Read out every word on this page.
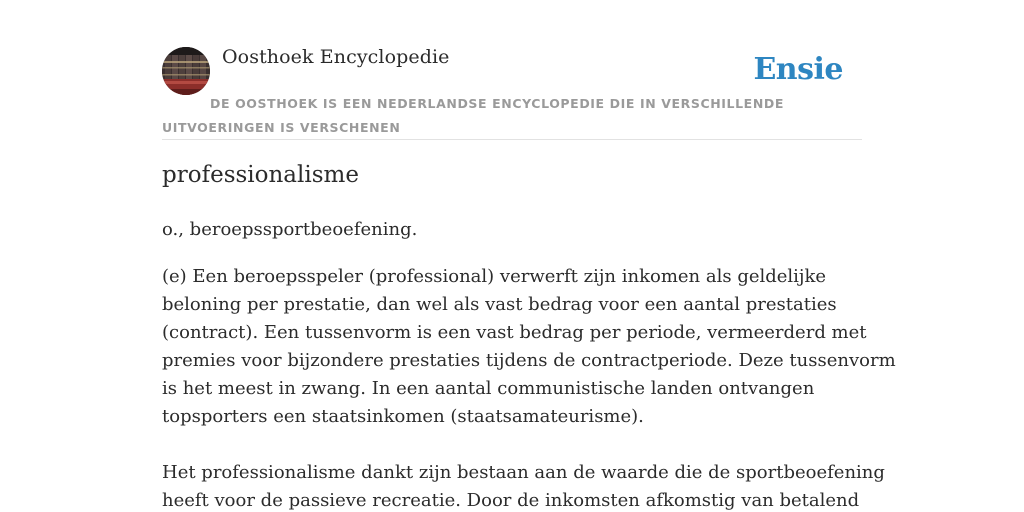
Oosthoek Encyclopedie	Ensie
DE OOSTHOEK IS EEN NEDERLANDSE ENCYCLOPEDIE DIE IN VERSCHILLENDE UITVOERINGEN IS VERSCHENEN
professionalisme
o., beroepssportbeoefening.

(e) Een beroepsspeler (professional) verwerft zijn inkomen als geldelijke
beloning per prestatie, dan wel als vast bedrag voor een aantal prestaties
(contract). Een tussenvorm is een vast bedrag per periode, vermeerderd met
premies voor bijzondere prestaties tijdens de contractperiode. Deze tussenvorm
is het meest in zwang. In een aantal communistische landen ontvangen
topsporters een staatsinkomen (staatsamateurisme).

Het professionalisme dankt zijn bestaan aan de waarde die de sportbeoefening
heeft voor de passieve recreatie. Door de inkomsten afkomstig van betalend
